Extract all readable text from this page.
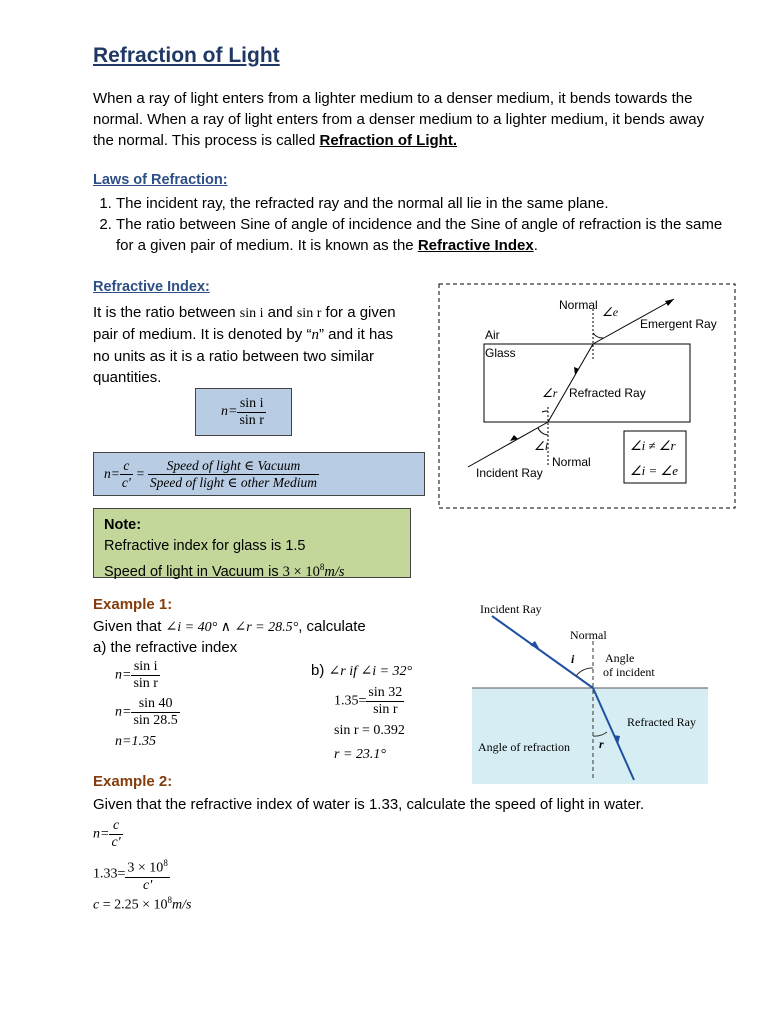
Refraction of Light
When a ray of light enters from a lighter medium to a denser medium, it bends towards the normal. When a ray of light enters from a denser medium to a lighter medium, it bends away the normal. This process is called Refraction of Light.
Laws of Refraction:
1. The incident ray, the refracted ray and the normal all lie in the same plane.
2. The ratio between Sine of angle of incidence and the Sine of angle of refraction is the same for a given pair of medium. It is known as the Refractive Index.
Refractive Index:
It is the ratio between sin i and sin r for a given pair of medium. It is denoted by “n” and it has no units as it is a ratio between two similar quantities.
$n= \frac{\text{sin i}}{\text{sin r}}$
$n= \frac{c}{c'} = \frac{\text{Speed of light ∈ Vacuum}}{\text{Speed of light ∈ other Medium}}$
Note:
Refractive index for glass is 1.5
Speed of light in Vacuum is $3 \times 10^8m/s$
Normal ∠e
Emergent Ray
Air
Glass
∠r Refracted Ray
∠i
Normal
Incident Ray
∠i ≠ ∠r
∠i = ∠e
Example 1:
Given that ∠i = 40° ∧ ∠r = 28.5°, calculate
a) the refractive index
$n= \frac{\text{sin i}}{\text{sin r}}$
$n= \frac{\sin 40}{\sin 28.5}$
n=1.35
b) ∠r if ∠i = 32°
$1.35= \frac{\sin 32}{\text{sin r}}$
sin r = 0.392
r = 23.1°
Incident Ray
Normal
i	Angle
of incident
Refracted Ray
Angle of refraction r
Example 2:
Given that the refractive index of water is 1.33, calculate the speed of light in water.
$n= \frac{c}{c'}$
$1.33= \frac{3 \times 10^8}{c'}$
$c = 2.25 \times 10^8m/s$
